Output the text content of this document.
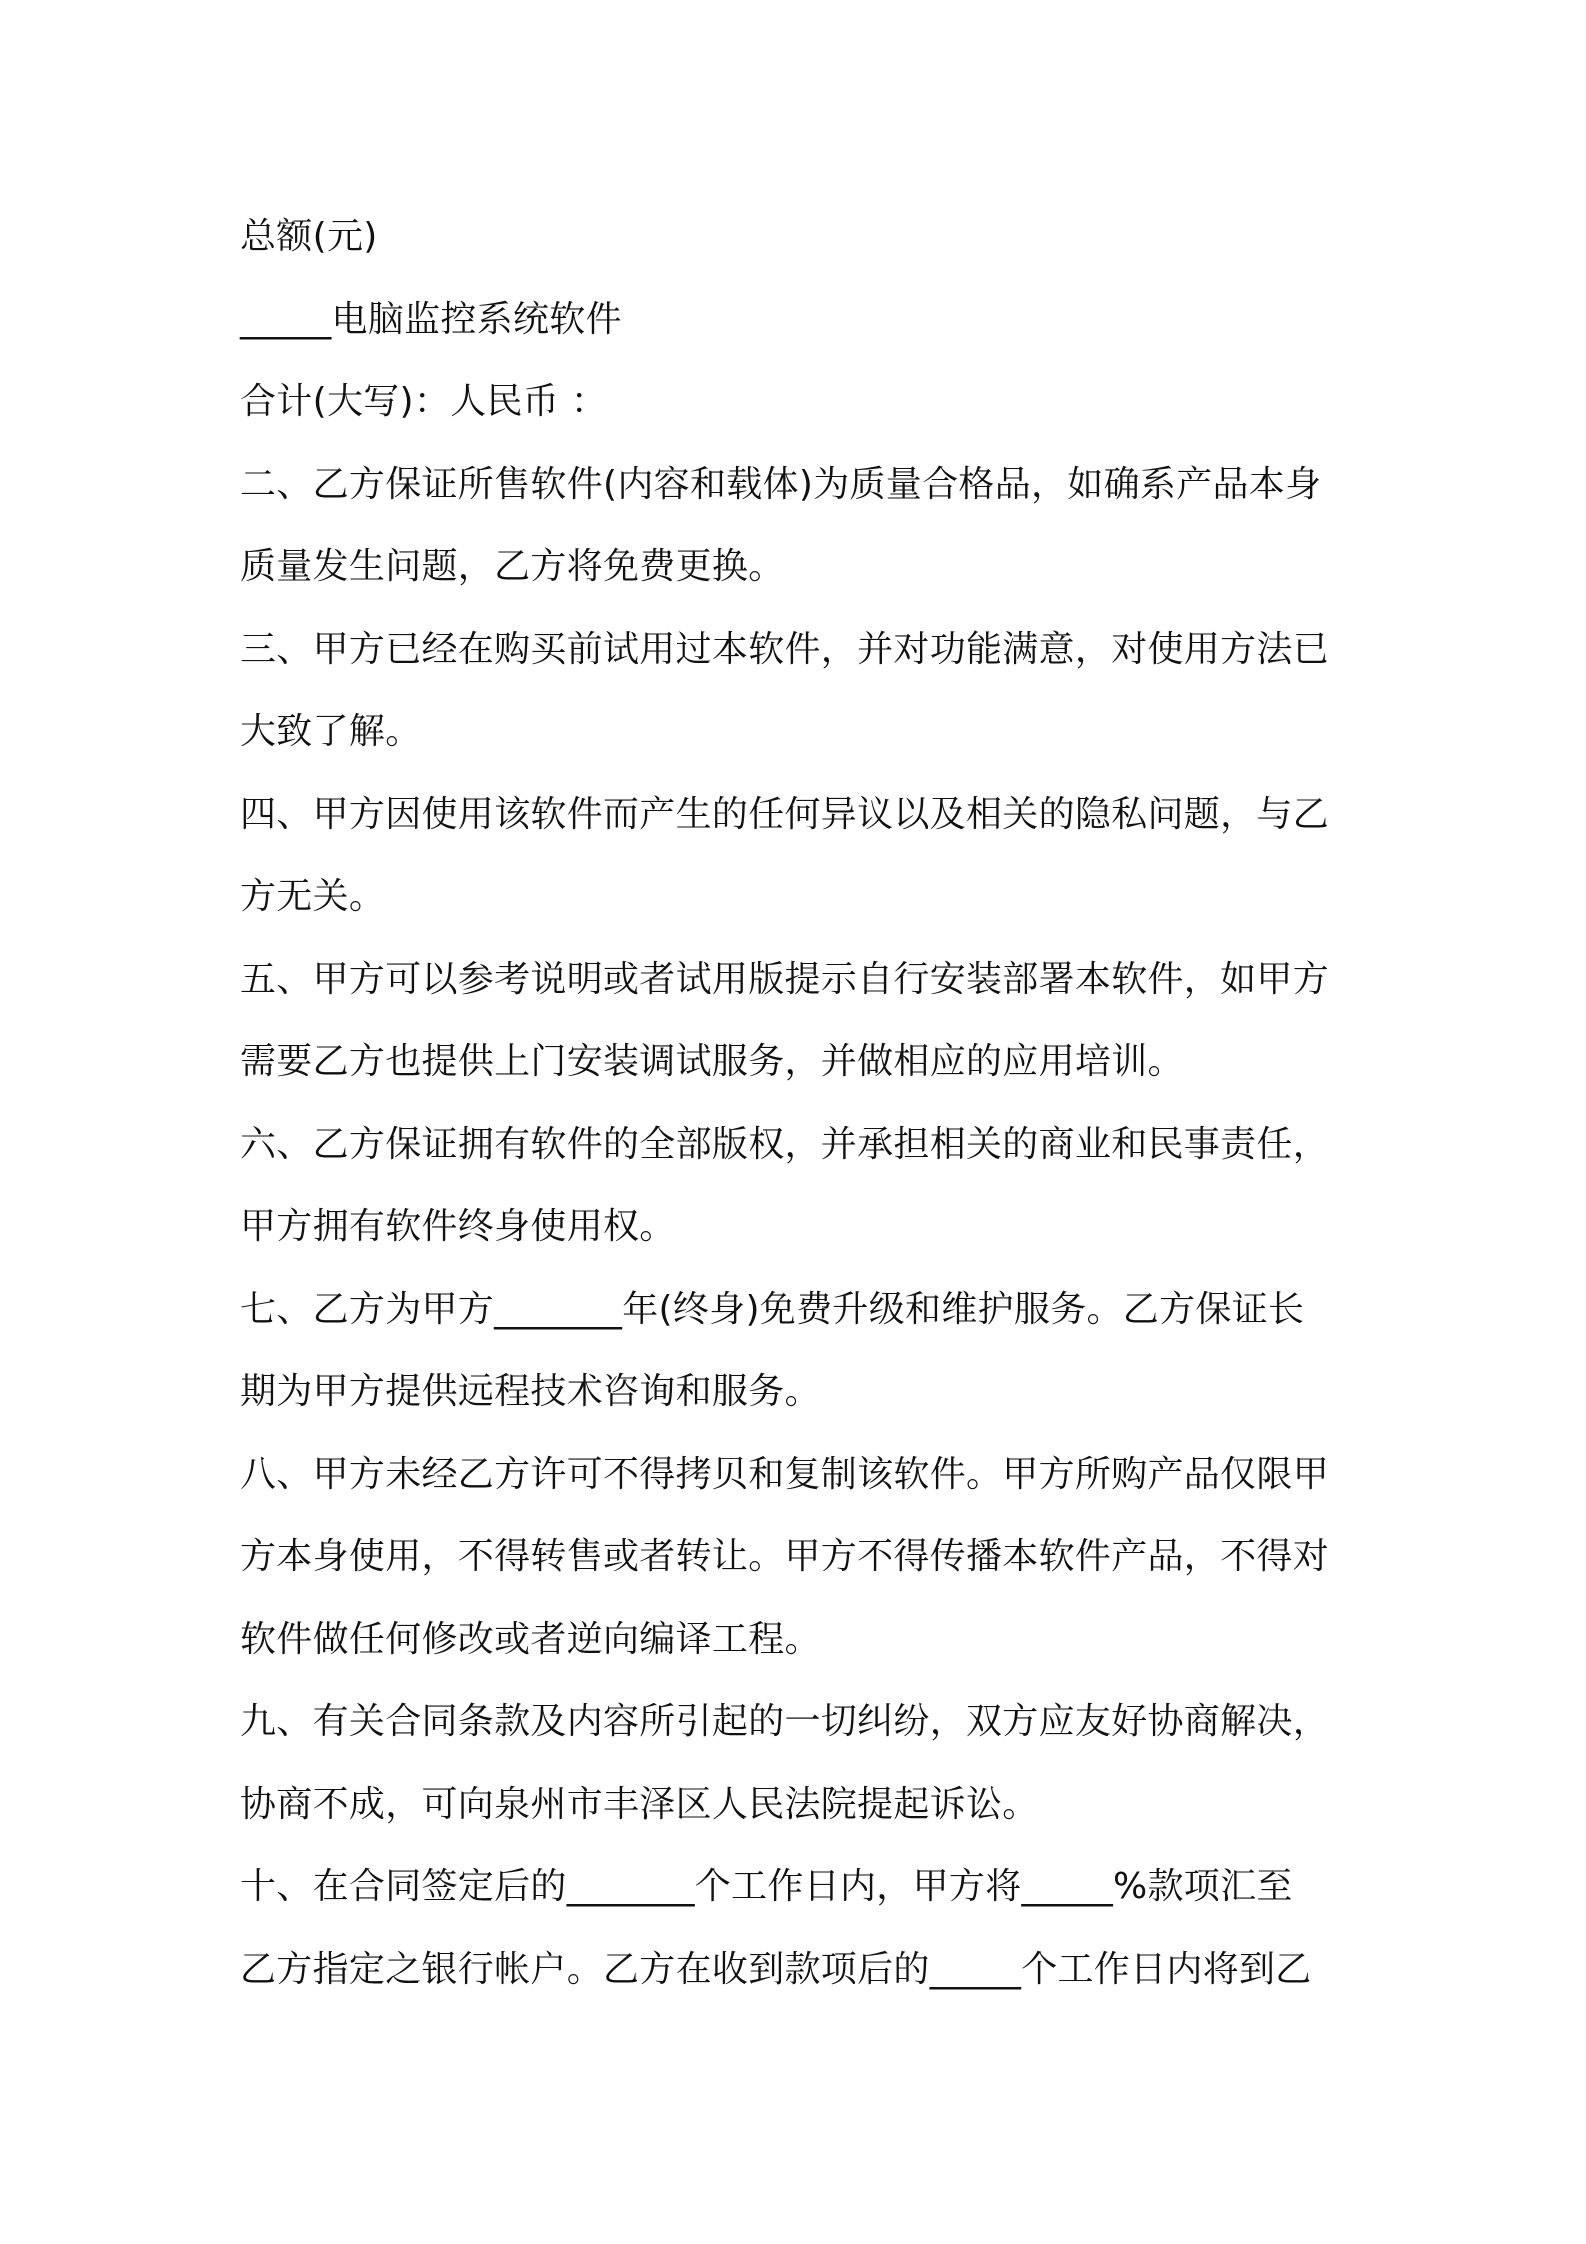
总额(元)
_____电脑监控系统软件
合计(大写)：人民币 ：
二、乙方保证所售软件(内容和载体)为质量合格品，如确系产品本身
质量发生问题，乙方将免费更换。
三、甲方已经在购买前试用过本软件，并对功能满意，对使用方法已
大致了解。
四、甲方因使用该软件而产生的任何异议以及相关的隐私问题，与乙
方无关。
五、甲方可以参考说明或者试用版提示自行安装部署本软件，如甲方
需要乙方也提供上门安装调试服务，并做相应的应用培训。
六、乙方保证拥有软件的全部版权，并承担相关的商业和民事责任，
甲方拥有软件终身使用权。
七、乙方为甲方_______年(终身)免费升级和维护服务。乙方保证长
期为甲方提供远程技术咨询和服务。
八、甲方未经乙方许可不得拷贝和复制该软件。甲方所购产品仅限甲
方本身使用，不得转售或者转让。甲方不得传播本软件产品，不得对
软件做任何修改或者逆向编译工程。
九、有关合同条款及内容所引起的一切纠纷，双方应友好协商解决，
协商不成，可向泉州市丰泽区人民法院提起诉讼。
十、在合同签定后的_______个工作日内，甲方将_____%款项汇至
乙方指定之银行帐户。乙方在收到款项后的_____个工作日内将到乙
